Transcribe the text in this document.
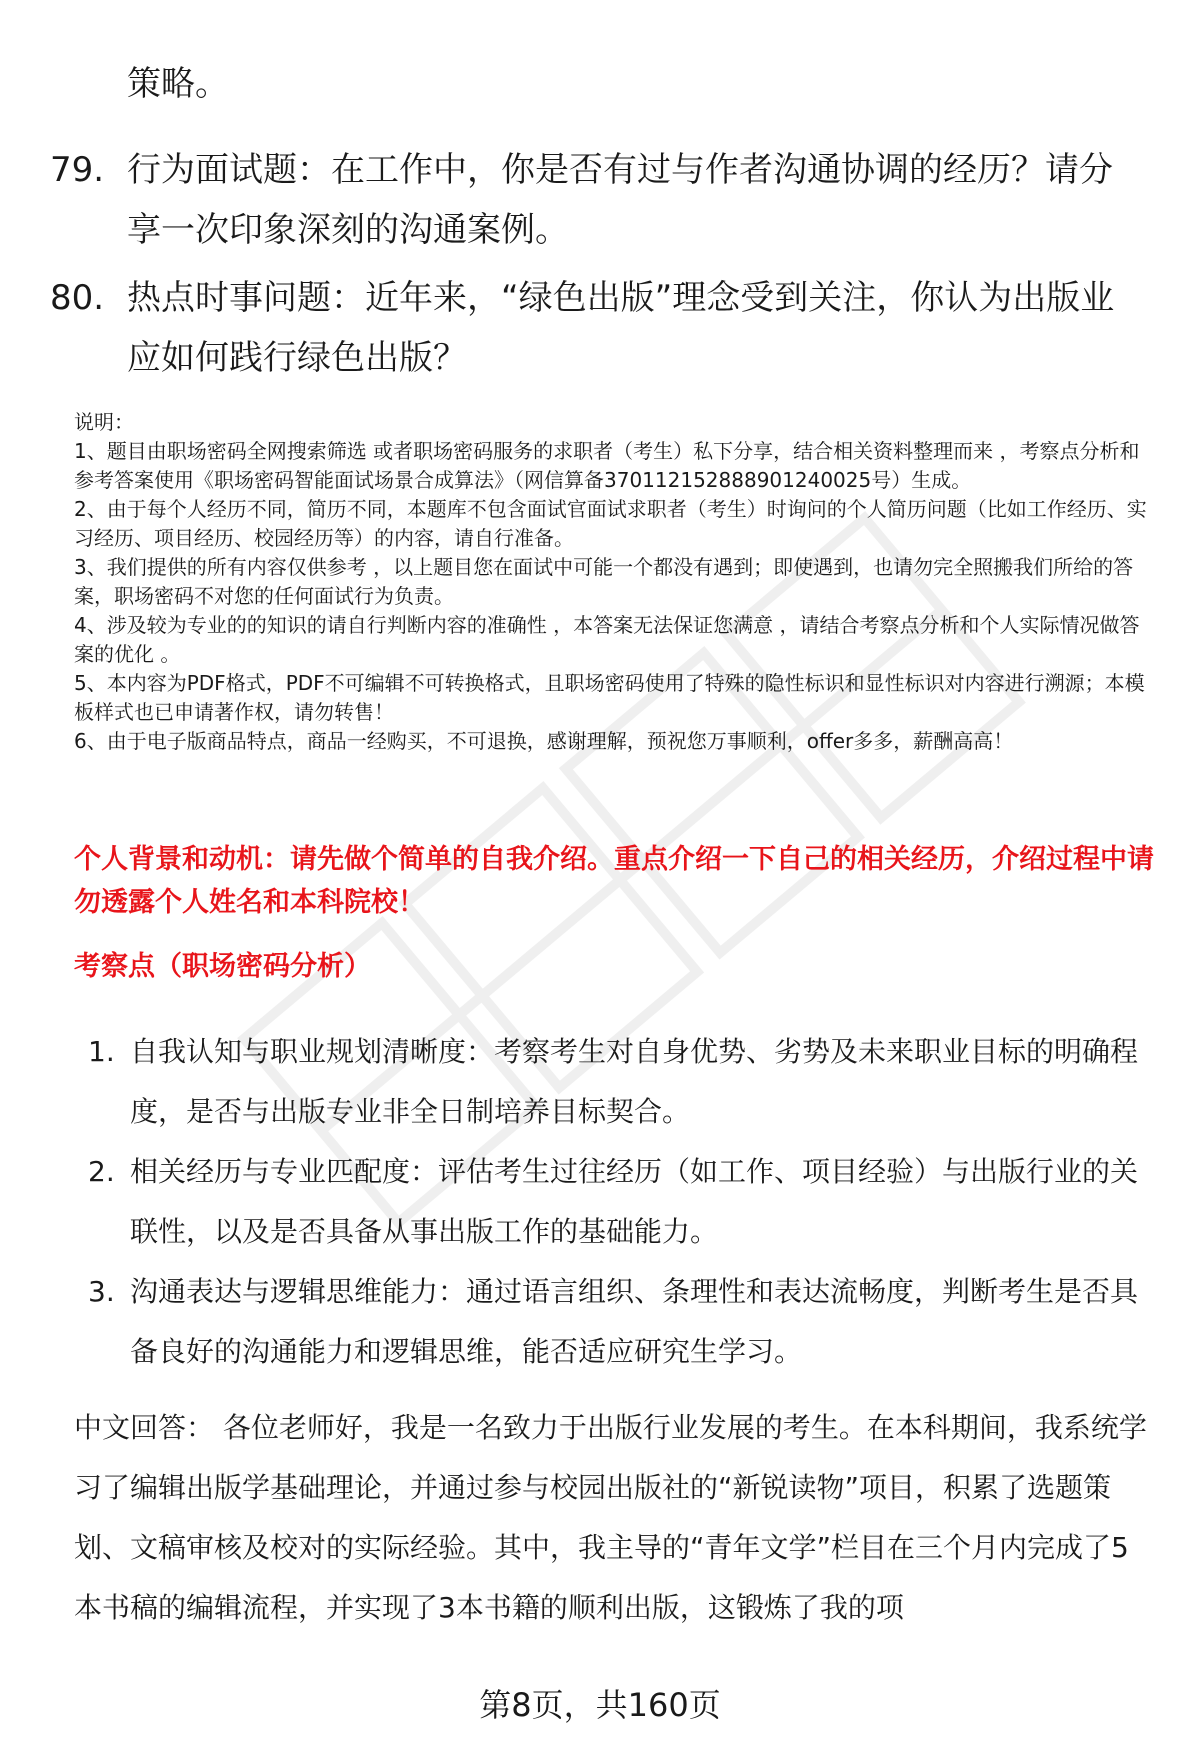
策略。

79. 行为面试题：在工作中，你是否有过与作者沟通协调的经历？请分享一次印象深刻的沟通案例。
80. 热点时事问题：近年来，“绿色出版”理念受到关注，你认为出版业应如何践行绿色出版？

说明：

1、题目由职场密码全网搜索筛选 或者职场密码服务的求职者（考生）私下分享，结合相关资料整理而来 ，考察点分析和参考答案使用《职场密码智能面试场景合成算法》（网信算备370112152888901240025号）生成。

2、由于每个人经历不同，简历不同，本题库不包含面试官面试求职者（考生）时询问的个人简历问题（比如工作经历、实习经历、项目经历、校园经历等）的内容，请自行准备。

3、我们提供的所有内容仅供参考 ，以上题目您在面试中可能一个都没有遇到；即使遇到，也请勿完全照搬我们所给的答案，职场密码不对您的任何面试行为负责。

4、涉及较为专业的的知识的请自行判断内容的准确性 ，本答案无法保证您满意 ，请结合考察点分析和个人实际情况做答案的优化 。

5、本内容为PDF格式，PDF不可编辑不可转换格式，且职场密码使用了特殊的隐性标识和显性标识对内容进行溯源；本模板样式也已申请著作权，请勿转售！

6、由于电子版商品特点，商品一经购买，不可退换，感谢理解，预祝您万事顺利，offer多多，薪酬高高！

个人背景和动机：请先做个简单的自我介绍。重点介绍一下自己的相关经历，介绍过程中请勿透露个人姓名和本科院校！

考察点（职场密码分析）

1. 自我认知与职业规划清晰度：考察考生对自身优势、劣势及未来职业目标的明确程度，是否与出版专业非全日制培养目标契合。
2. 相关经历与专业匹配度：评估考生过往经历（如工作、项目经验）与出版行业的关联性，以及是否具备从事出版工作的基础能力。
3. 沟通表达与逻辑思维能力：通过语言组织、条理性和表达流畅度，判断考生是否具备良好的沟通能力和逻辑思维，能否适应研究生学习。

中文回答： 各位老师好，我是一名致力于出版行业发展的考生。在本科期间，我系统学习了编辑出版学基础理论，并通过参与校园出版社的“新锐读物”项目，积累了选题策划、文稿审核及校对的实际经验。其中，我主导的“青年文学”栏目在三个月内完成了5本书稿的编辑流程，并实现了3本书籍的顺利出版，这锻炼了我的项

第8页，共160页
